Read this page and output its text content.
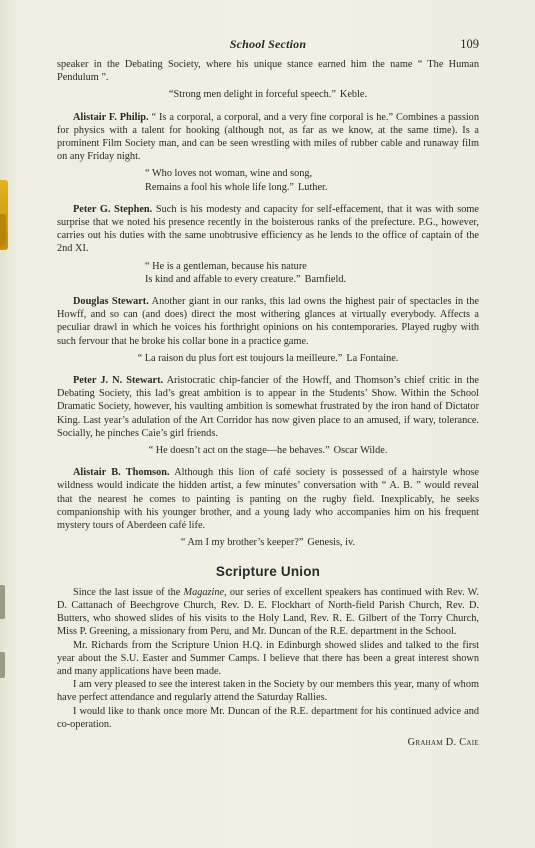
School Section	109

speaker in the Debating Society, where his unique stance earned him the name “ The Human Pendulum ”.

“Strong men delight in forceful speech.” Keble.

Alistair F. Philip. “ Is a corporal, a corporal, and a very fine corporal is he.” Combines a passion for physics with a talent for hooking (although not, as far as we know, at the same time). Is a prominent Film Society man, and can be seen wrestling with miles of rubber cable and runaway film on any Friday night.

“ Who loves not woman, wine and song,
Remains a fool his whole life long.” Luther.

Peter G. Stephen. Such is his modesty and capacity for self-effacement, that it was with some surprise that we noted his presence recently in the boisterous ranks of the prefecture. P.G., however, carries out his duties with the same unobtrusive efficiency as he lends to the office of captain of the 2nd XI.

“ He is a gentleman, because his nature
Is kind and affable to every creature.” Barnfield.

Douglas Stewart. Another giant in our ranks, this lad owns the highest pair of spectacles in the Howff, and so can (and does) direct the most withering glances at virtually everybody. Affects a peculiar drawl in which he voices his forthright opinions on his contemporaries. Played rugby with such fervour that he broke his collar bone in a practice game.

“ La raison du plus fort est toujours la meilleure.” La Fontaine.

Peter J. N. Stewart. Aristocratic chip-fancier of the Howff, and Thomson’s chief critic in the Debating Society, this lad’s great ambition is to appear in the Students’ Show. Within the School Dramatic Society, however, his vaulting ambition is somewhat frustrated by the iron hand of Dictator King. Last year’s adulation of the Art Corridor has now given place to an amused, if wary, tolerance. Socially, he pinches Caie’s girl friends.

“ He doesn’t act on the stage—he behaves.” Oscar Wilde.

Alistair B. Thomson. Although this lion of café society is possessed of a hairstyle whose wildness would indicate the hidden artist, a few minutes’ conversation with “ A. B. ” would reveal that the nearest he comes to painting is panting on the rugby field. Inexplicably, he seeks companionship with his younger brother, and a young lady who accompanies him on his frequent mystery tours of Aberdeen café life.

“ Am I my brother’s keeper?” Genesis, iv.
Scripture Union

Since the last issue of the Magazine, our series of excellent speakers has continued with Rev. W. D. Cattanach of Beechgrove Church, Rev. D. E. Flockhart of North-field Parish Church, Rev. D. Butters, who showed slides of his visits to the Holy Land, Rev. R. E. Gilbert of the Torry Church, Miss P. Greening, a missionary from Peru, and Mr. Duncan of the R.E. department in the School.

Mr. Richards from the Scripture Union H.Q. in Edinburgh showed slides and talked to the first year about the S.U. Easter and Summer Camps. I believe that there has been a great interest shown and many applications have been made.

I am very pleased to see the interest taken in the Society by our members this year, many of whom have perfect attendance and regularly attend the Saturday Rallies.

I would like to thank once more Mr. Duncan of the R.E. department for his continued advice and co-operation.

Graham D. Caie
